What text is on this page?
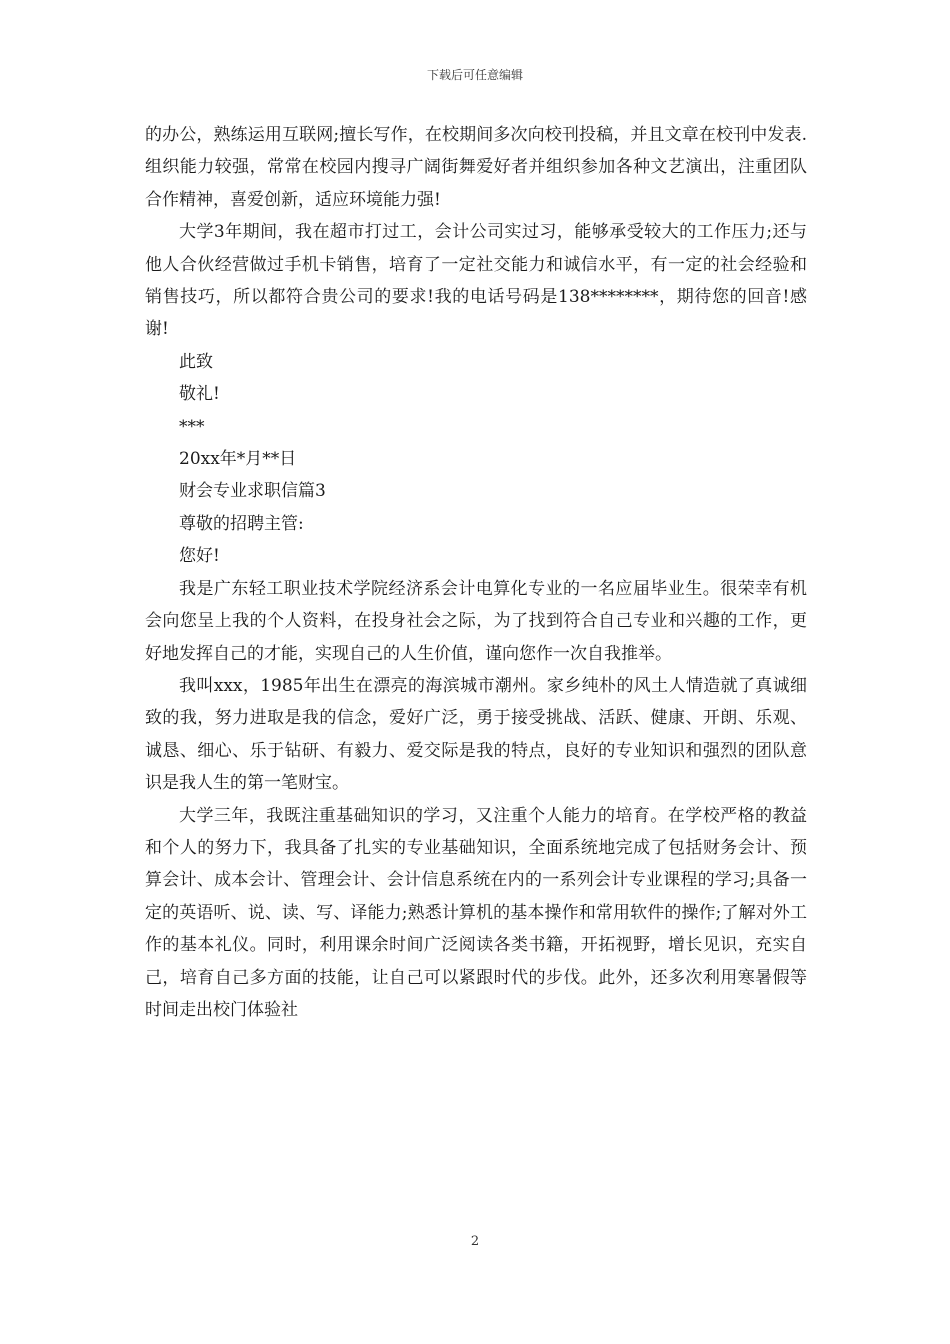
下载后可任意编辑

的办公，熟练运用互联网;擅长写作，在校期间多次向校刊投稿，并且文章在校刊中发表.组织能力较强，常常在校园内搜寻广阔街舞爱好者并组织参加各种文艺演出，注重团队合作精神，喜爱创新，适应环境能力强!

大学3年期间，我在超市打过工，会计公司实过习，能够承受较大的工作压力;还与他人合伙经营做过手机卡销售，培育了一定社交能力和诚信水平，有一定的社会经验和销售技巧，所以都符合贵公司的要求!我的电话号码是138********，期待您的回音!感谢!

此致

敬礼!

***

20xx年*月**日

财会专业求职信篇3

尊敬的招聘主管:

您好!

我是广东轻工职业技术学院经济系会计电算化专业的一名应届毕业生。很荣幸有机会向您呈上我的个人资料，在投身社会之际，为了找到符合自己专业和兴趣的工作，更好地发挥自己的才能，实现自己的人生价值，谨向您作一次自我推举。

我叫xxx，1985年出生在漂亮的海滨城市潮州。家乡纯朴的风土人情造就了真诚细致的我，努力进取是我的信念，爱好广泛，勇于接受挑战、活跃、健康、开朗、乐观、诚恳、细心、乐于钻研、有毅力、爱交际是我的特点，良好的专业知识和强烈的团队意识是我人生的第一笔财宝。

大学三年，我既注重基础知识的学习，又注重个人能力的培育。在学校严格的教益和个人的努力下，我具备了扎实的专业基础知识，全面系统地完成了包括财务会计、预算会计、成本会计、管理会计、会计信息系统在内的一系列会计专业课程的学习;具备一定的英语听、说、读、写、译能力;熟悉计算机的基本操作和常用软件的操作;了解对外工作的基本礼仪。同时，利用课余时间广泛阅读各类书籍，开拓视野，增长见识，充实自己，培育自己多方面的技能，让自己可以紧跟时代的步伐。此外，还多次利用寒暑假等时间走出校门体验社

2
